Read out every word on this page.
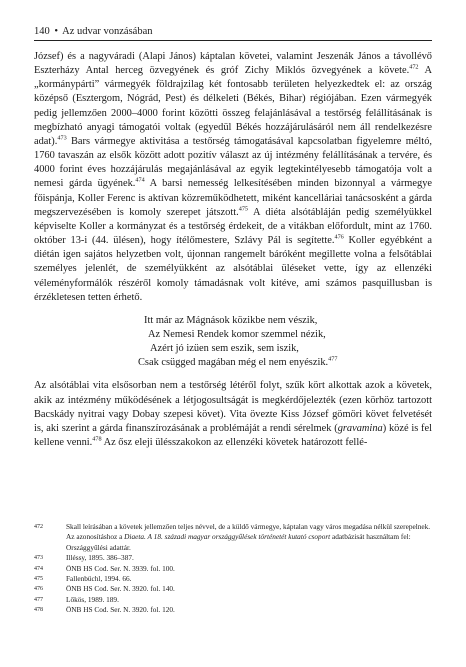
140 • Az udvar vonzásában

József) és a nagyváradi (Alapi János) káptalan követei, valamint Jeszenák János a távollévő Eszterházy Antal herceg özvegyének és gróf Zichy Miklós özvegyének a követe.$^{472}$ A „kormánypárti” vármegyék földrajzilag két fontosabb területen helyezkedtek el: az ország középső (Esztergom, Nógrád, Pest) és délkeleti (Békés, Bihar) régiójában. Ezen vármegyék pedig jellemzően 2000–4000 forint közötti összeg felajánlásával a testőrség felállításának is megbízható anyagi támogatói voltak (egyedül Békés hozzájárulásáról nem áll rendelkezésre adat).$^{473}$ Bars vármegye aktivitása a testőrség támogatásával kapcsolatban figyelemre méltó, 1760 tavaszán az elsők között adott pozitív választ az új intézmény felállításának a tervére, és 4000 forint éves hozzájárulás megajánlásával az egyik legtekintélyesebb támogatója volt a nemesi gárda ügyének.$^{474}$ A barsi nemesség lelkesítésében minden bizonnyal a vármegye főispánja, Koller Ferenc is aktívan közreműködhetett, miként kancelláriai tanácsosként a gárda megszervezésében is komoly szerepet játszott.$^{475}$ A diéta alsótábláján pedig személyükkel képviselte Koller a kormányzat és a testőrség érdekeit, de a vitákban előfordult, mint az 1760. október 13-i (44. ülésen), hogy ítélőmestere, Szlávy Pál is segítette.$^{476}$ Koller egyébként a diétán igen sajátos helyzetben volt, újonnan rangemelt báróként megillette volna a felsőtáblai személyes jelenlét, de személyükként az alsótáblai üléseket vette, így az ellenzéki véleményformálók részéről komoly támadásnak volt kitéve, ami számos pasquillusban is érzékletesen tetten érhető.

Itt már az Mágnások közikbe nem vészik,
Az Nemesi Rendek komor szemmel nézik,
Azért jó izüen sem eszik, sem iszik,
Csak csügged magában még el nem enyészik.$^{477}$

Az alsótáblai vita elsősorban nem a testőrség létéről folyt, szűk kört alkottak azok a követek, akik az intézmény működésének a létjogosultságát is megkérdőjelezték (ezen körhöz tartozott Bacskády nyitrai vagy Dobay szepesi követ). Vita övezte Kiss József gömöri követ felvetését is, aki szerint a gárda finanszírozásának a problémáját a rendi sérelmek (gravamina) közé is fel kellene venni.$^{478}$ Az ősz eleji ülésszakokon az ellenzéki követek határozott fellé-

472	Skall leírásában a követek jellemzően teljes névvel, de a küldő vármegye, káptalan vagy város megadása nélkül szerepelnek. Az azonosításhoz a Diaeta. A 18. századi magyar országgyűlések történetét kutató csoport adatbázisát használtam fel: Országgyűlési adattár.
473	Illéssy, 1895. 386–387.
474	ÖNB HS Cod. Ser. N. 3939. fol. 100.
475	Fallenbüchl, 1994. 66.
476	ÖNB HS Cod. Ser. N. 3920. fol. 140.
477	Lőkös, 1989. 189.
478	ÖNB HS Cod. Ser. N. 3920. fol. 120.
